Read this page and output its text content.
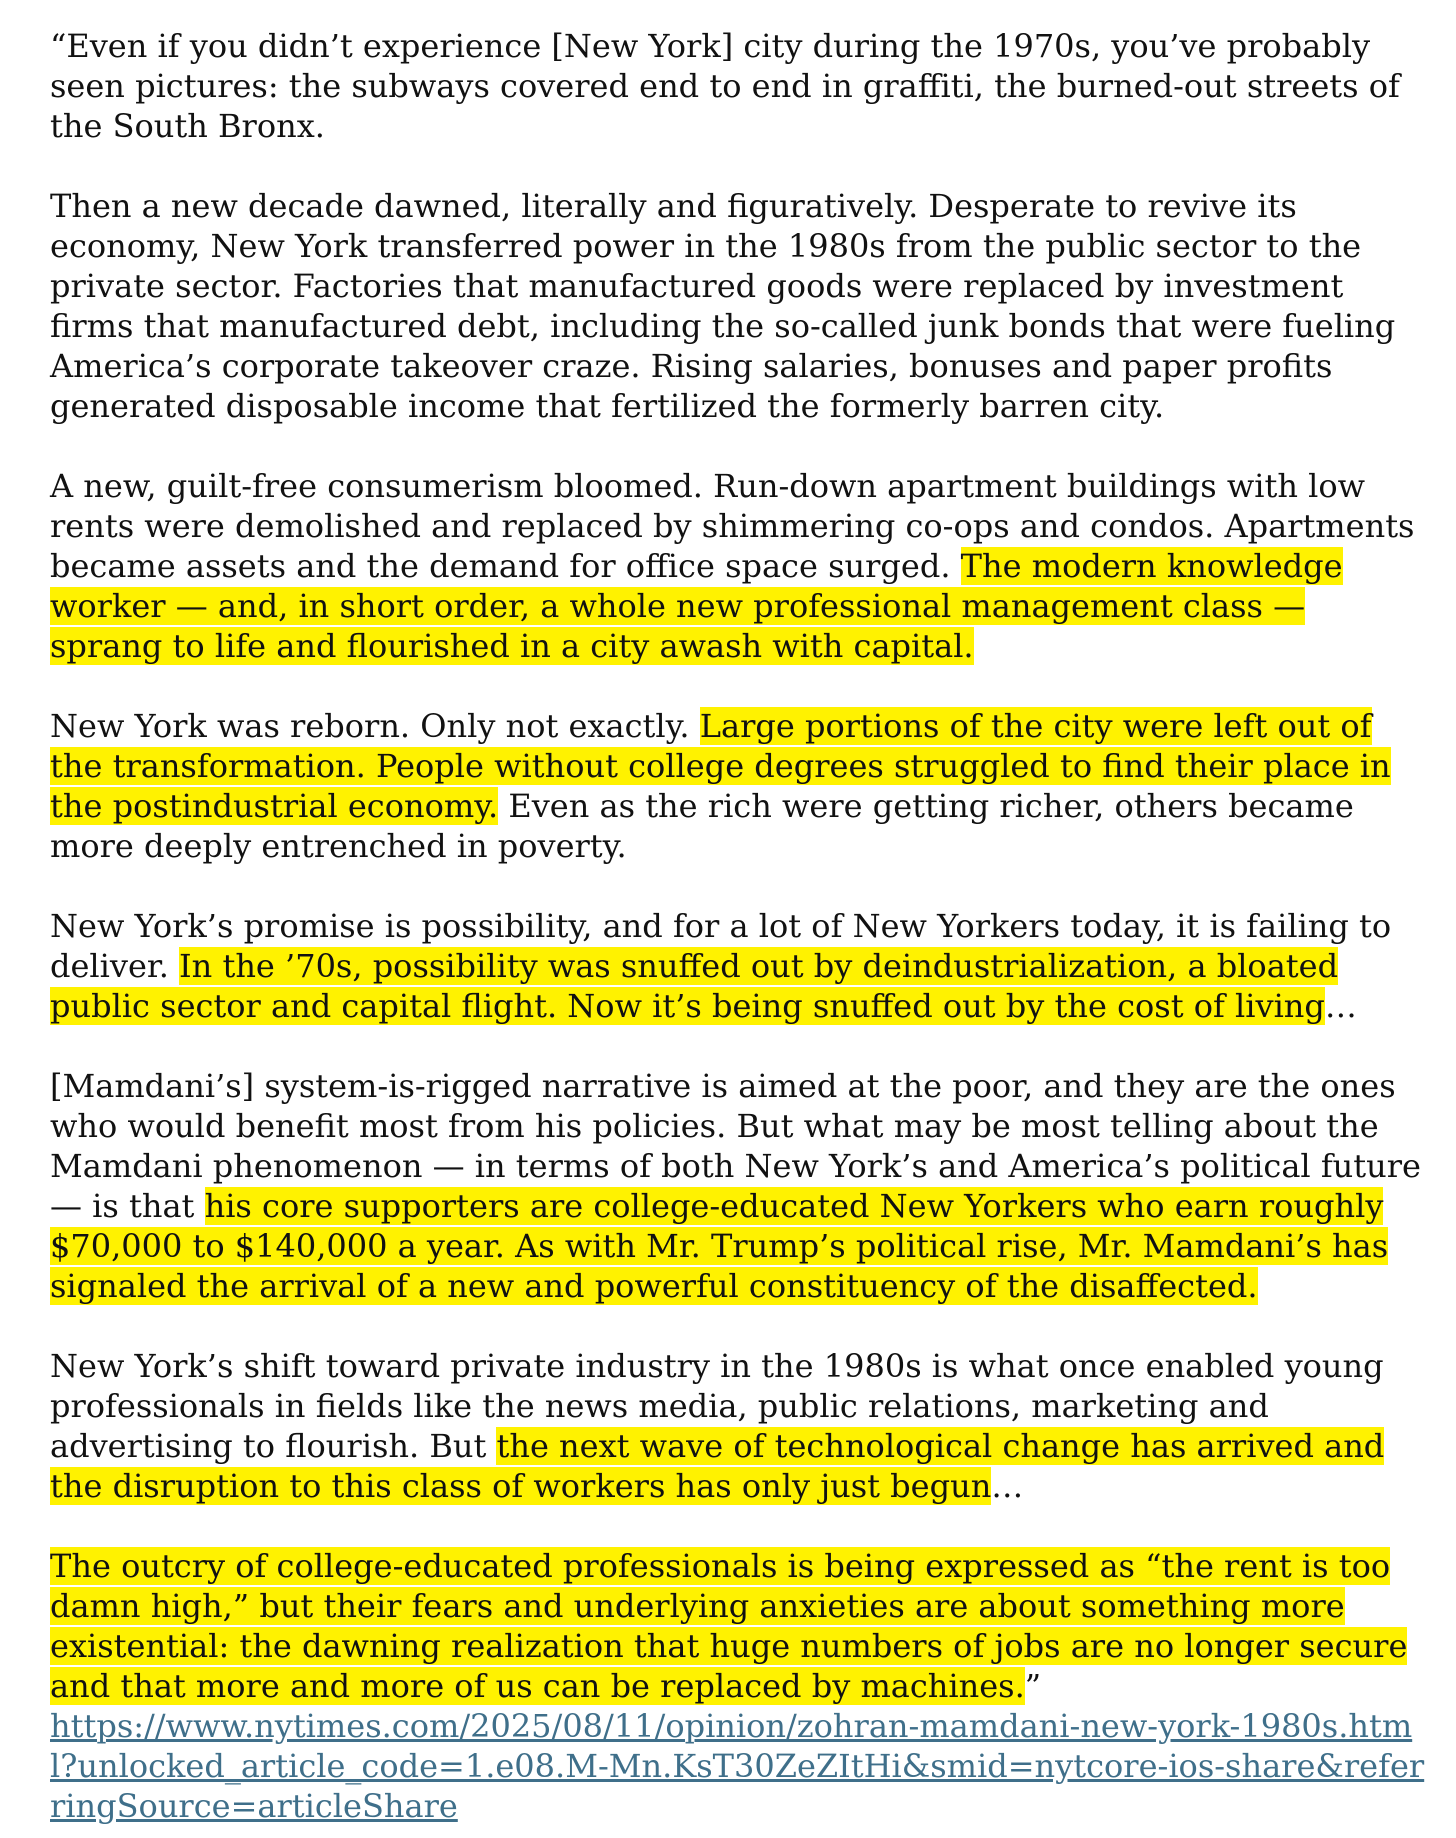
“Even if you didn’t experience [New York] city during the 1970s, you’ve probably seen pictures: the subways covered end to end in graffiti, the burned-out streets of the South Bronx.

Then a new decade dawned, literally and figuratively. Desperate to revive its economy, New York transferred power in the 1980s from the public sector to the private sector. Factories that manufactured goods were replaced by investment firms that manufactured debt, including the so-called junk bonds that were fueling America’s corporate takeover craze. Rising salaries, bonuses and paper profits generated disposable income that fertilized the formerly barren city.

A new, guilt-free consumerism bloomed. Run-down apartment buildings with low rents were demolished and replaced by shimmering co-ops and condos. Apartments became assets and the demand for office space surged. The modern knowledge worker — and, in short order, a whole new professional management class — sprang to life and flourished in a city awash with capital.

New York was reborn. Only not exactly. Large portions of the city were left out of the transformation. People without college degrees struggled to find their place in the postindustrial economy. Even as the rich were getting richer, others became more deeply entrenched in poverty.

New York’s promise is possibility, and for a lot of New Yorkers today, it is failing to deliver. In the ’70s, possibility was snuffed out by deindustrialization, a bloated public sector and capital flight. Now it’s being snuffed out by the cost of living…

[Mamdani’s] system-is-rigged narrative is aimed at the poor, and they are the ones who would benefit most from his policies. But what may be most telling about the Mamdani phenomenon — in terms of both New York’s and America’s political future — is that his core supporters are college-educated New Yorkers who earn roughly $70,000 to $140,000 a year. As with Mr. Trump’s political rise, Mr. Mamdani’s has signaled the arrival of a new and powerful constituency of the disaffected.

New York’s shift toward private industry in the 1980s is what once enabled young professionals in fields like the news media, public relations, marketing and advertising to flourish. But the next wave of technological change has arrived and the disruption to this class of workers has only just begun…

The outcry of college-educated professionals is being expressed as “the rent is too damn high,” but their fears and underlying anxieties are about something more existential: the dawning realization that huge numbers of jobs are no longer secure and that more and more of us can be replaced by machines.”

https://www.nytimes.com/2025/08/11/opinion/zohran-mamdani-new-york-1980s.html?unlocked_article_code=1.e08.M-Mn.KsT30ZeZItHi&smid=nytcore-ios-share&referringSource=articleShare
